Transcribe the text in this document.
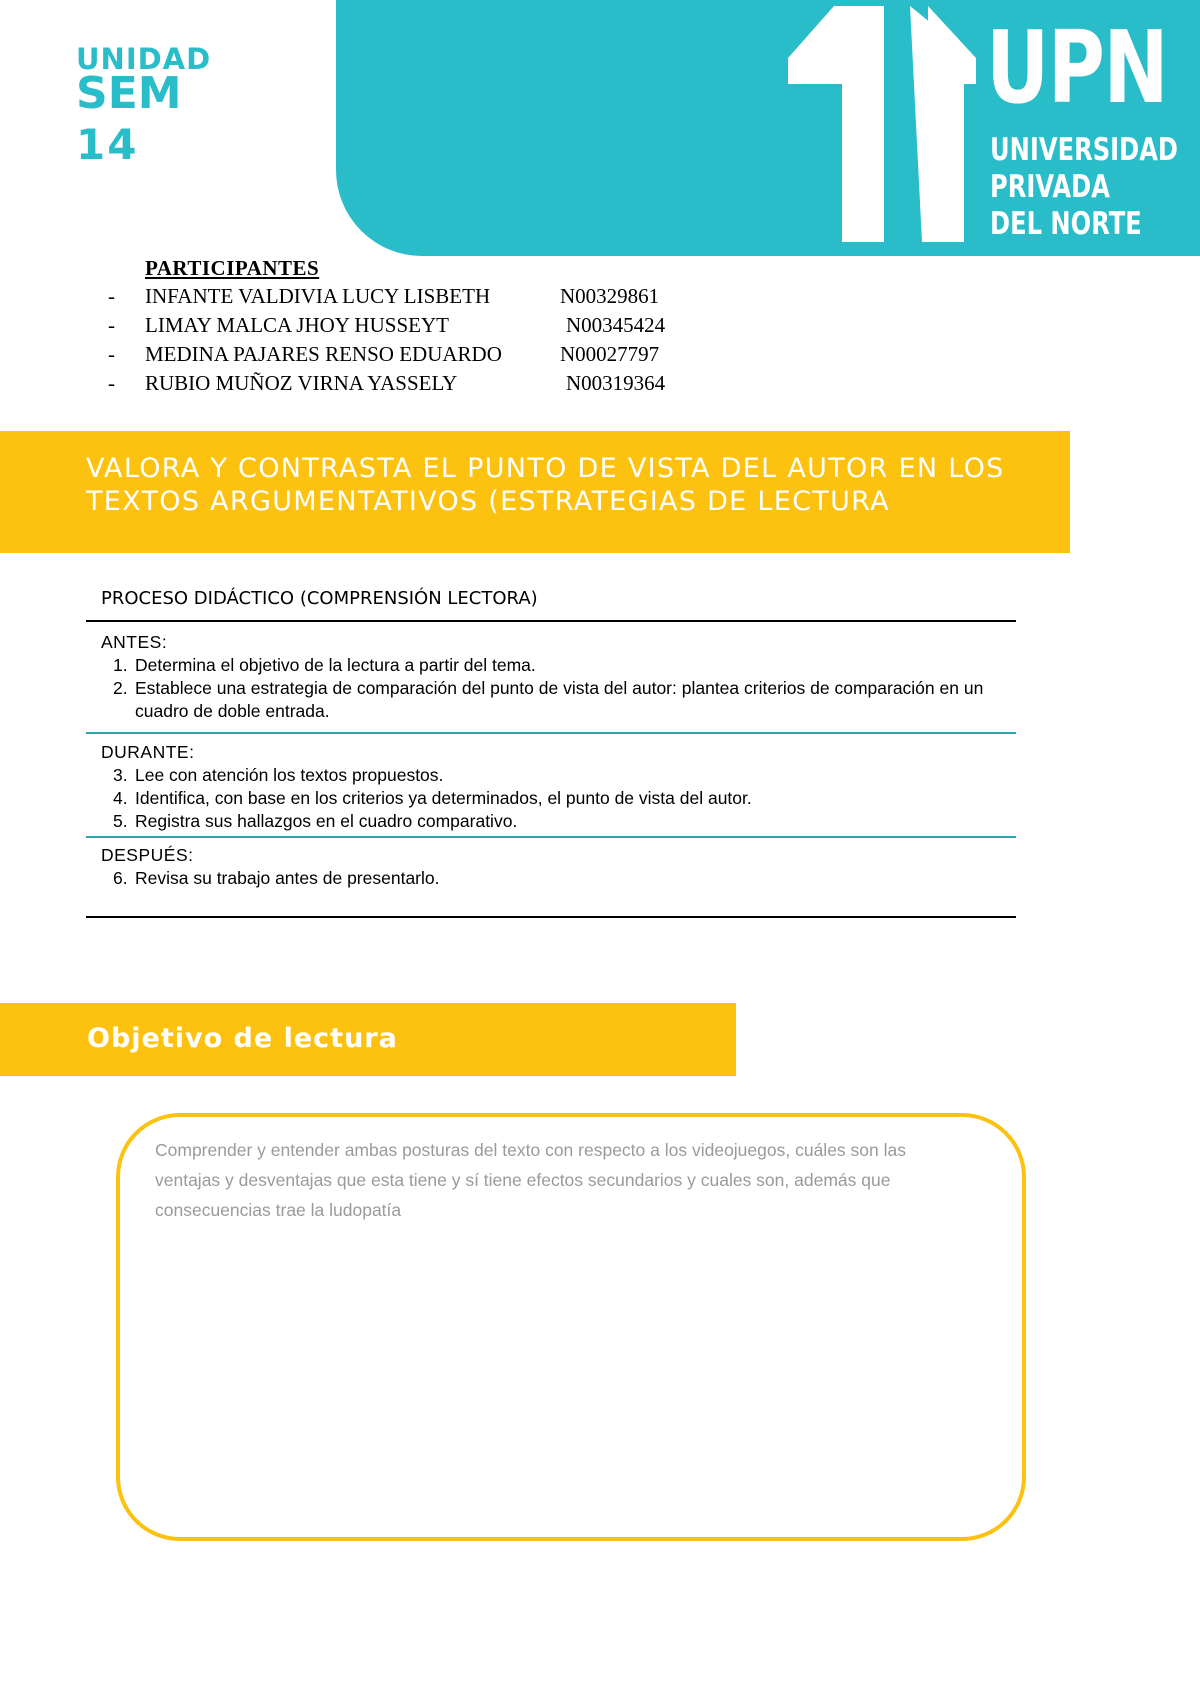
UNIDAD
SEM
14
UPN
UNIVERSIDAD
PRIVADA
DEL NORTE
PARTICIPANTES
- INFANTE VALDIVIA LUCY LISBETH	N00329861
- LIMAY MALCA JHOY HUSSEYT	N00345424
- MEDINA PAJARES RENSO EDUARDO	N00027797
- RUBIO MUÑOZ VIRNA YASSELY	N00319364
VALORA Y CONTRASTA EL PUNTO DE VISTA DEL AUTOR EN LOS TEXTOS ARGUMENTATIVOS (ESTRATEGIAS DE LECTURA
PROCESO DIDÁCTICO (COMPRENSIÓN LECTORA)
ANTES:
1. Determina el objetivo de la lectura a partir del tema.
2. Establece una estrategia de comparación del punto de vista del autor: plantea criterios de comparación en un cuadro de doble entrada.
DURANTE:
3. Lee con atención los textos propuestos.
4. Identifica, con base en los criterios ya determinados, el punto de vista del autor.
5. Registra sus hallazgos en el cuadro comparativo.
DESPUÉS:
6. Revisa su trabajo antes de presentarlo.
Objetivo de lectura
Comprender y entender ambas posturas del texto con respecto a los videojuegos, cuáles son las ventajas y desventajas que esta tiene y sí tiene efectos secundarios y cuales son, además que consecuencias trae la ludopatía
